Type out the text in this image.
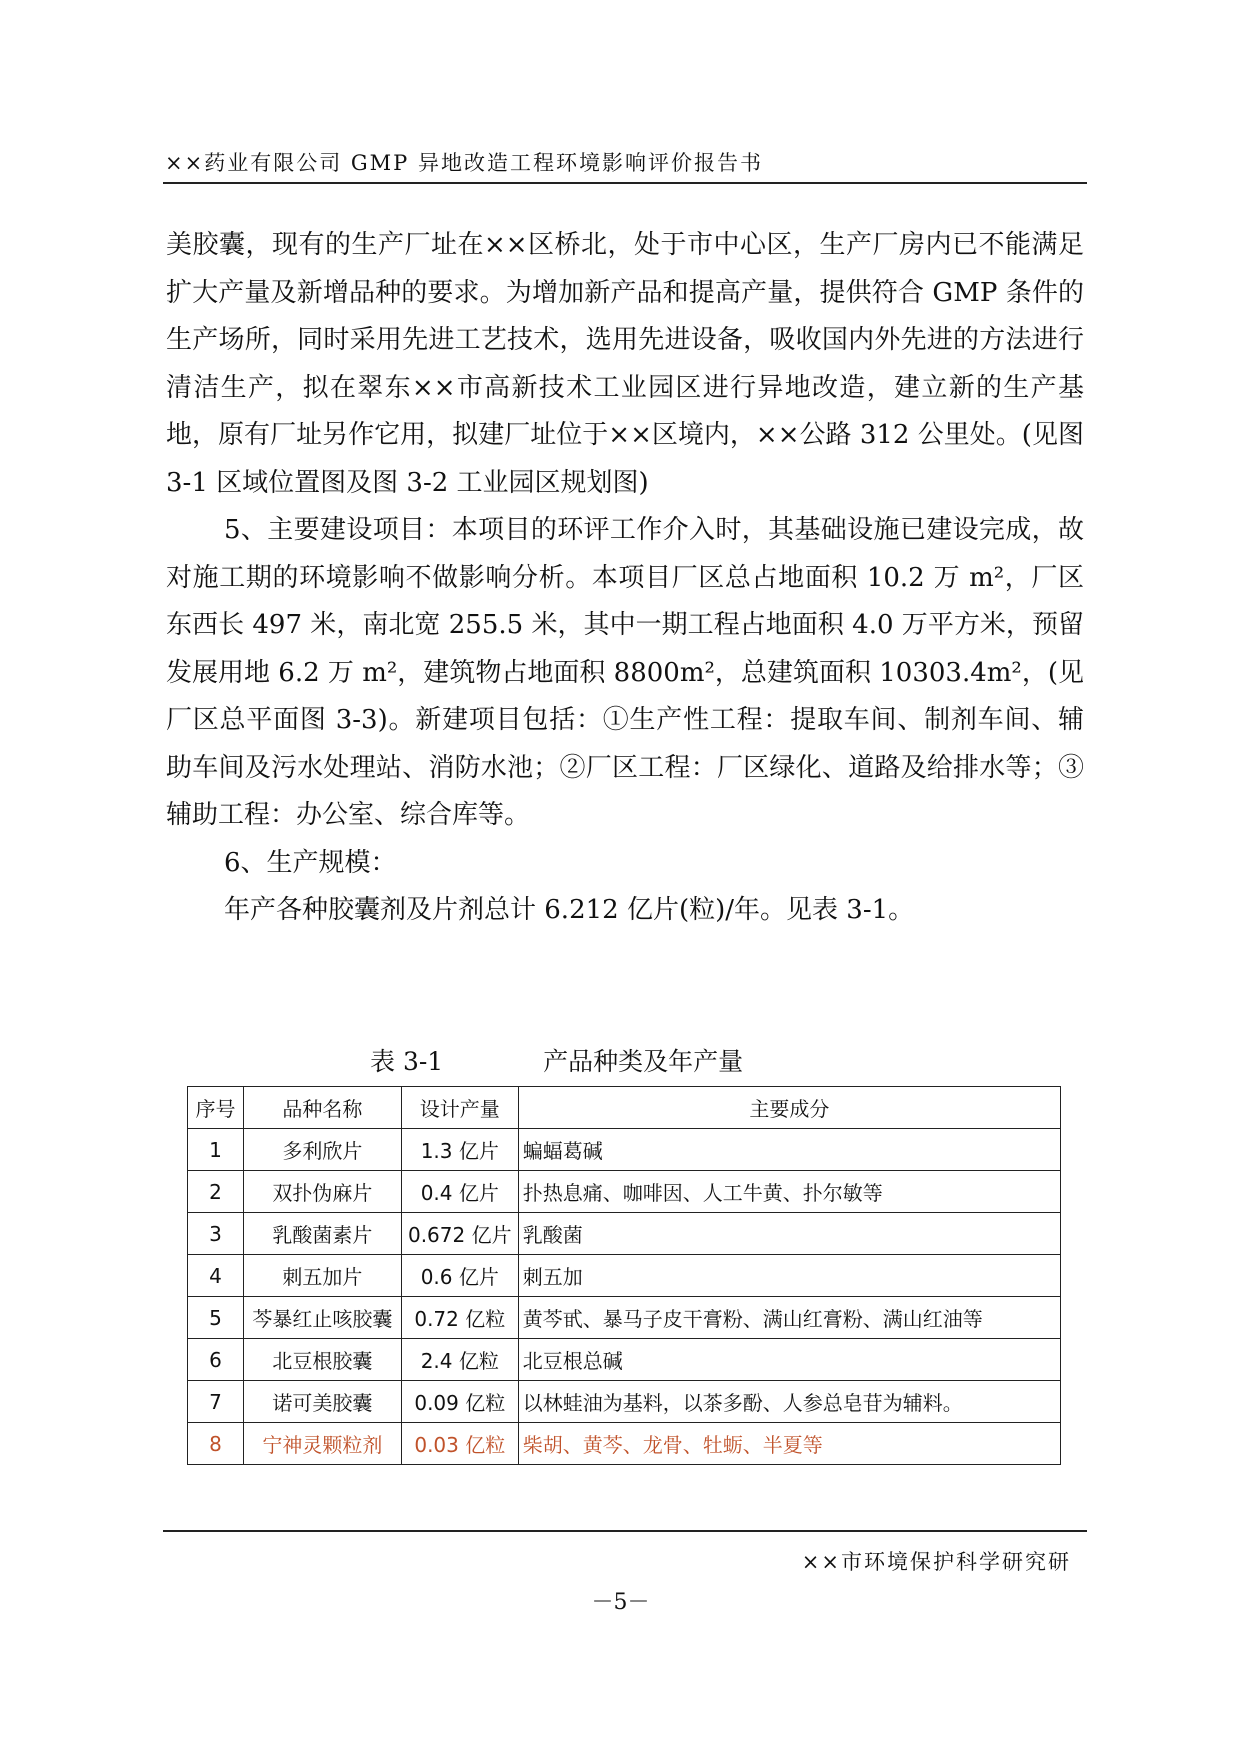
××药业有限公司 GMP 异地改造工程环境影响评价报告书

美胶囊，现有的生产厂址在××区桥北，处于市中心区，生产厂房内已不能满足扩大产量及新增品种的要求。为增加新产品和提高产量，提供符合 GMP 条件的生产场所，同时采用先进工艺技术，选用先进设备，吸收国内外先进的方法进行清洁生产，拟在翠东××市高新技术工业园区进行异地改造，建立新的生产基地，原有厂址另作它用，拟建厂址位于××区境内，××公路 312 公里处。(见图 3-1 区域位置图及图 3-2 工业园区规划图)

5、主要建设项目：本项目的环评工作介入时，其基础设施已建设完成，故对施工期的环境影响不做影响分析。本项目厂区总占地面积 10.2 万 m²，厂区东西长 497 米，南北宽 255.5 米，其中一期工程占地面积 4.0 万平方米，预留发展用地 6.2 万 m²，建筑物占地面积 8800m²，总建筑面积 10303.4m²，(见厂区总平面图 3-3)。新建项目包括：①生产性工程：提取车间、制剂车间、辅助车间及污水处理站、消防水池；②厂区工程：厂区绿化、道路及给排水等；③辅助工程：办公室、综合库等。

6、生产规模：

年产各种胶囊剂及片剂总计 6.212 亿片(粒)/年。见表 3-1。

表 3-1	产品种类及年产量
序号	品种名称	设计产量	主要成分
1	多利欣片	1.3 亿片	蝙蝠葛碱
2	双扑伪麻片	0.4 亿片	扑热息痛、咖啡因、人工牛黄、扑尔敏等
3	乳酸菌素片	0.672 亿片	乳酸菌
4	刺五加片	0.6 亿片	刺五加
5	芩暴红止咳胶囊	0.72 亿粒	黄芩甙、暴马子皮干膏粉、满山红膏粉、满山红油等
6	北豆根胶囊	2.4 亿粒	北豆根总碱
7	诺可美胶囊	0.09 亿粒	以林蛙油为基料，以茶多酚、人参总皂苷为辅料。
8	宁神灵颗粒剂	0.03 亿粒	柴胡、黄芩、龙骨、牡蛎、半夏等
××市环境保护科学研究研
－5－
